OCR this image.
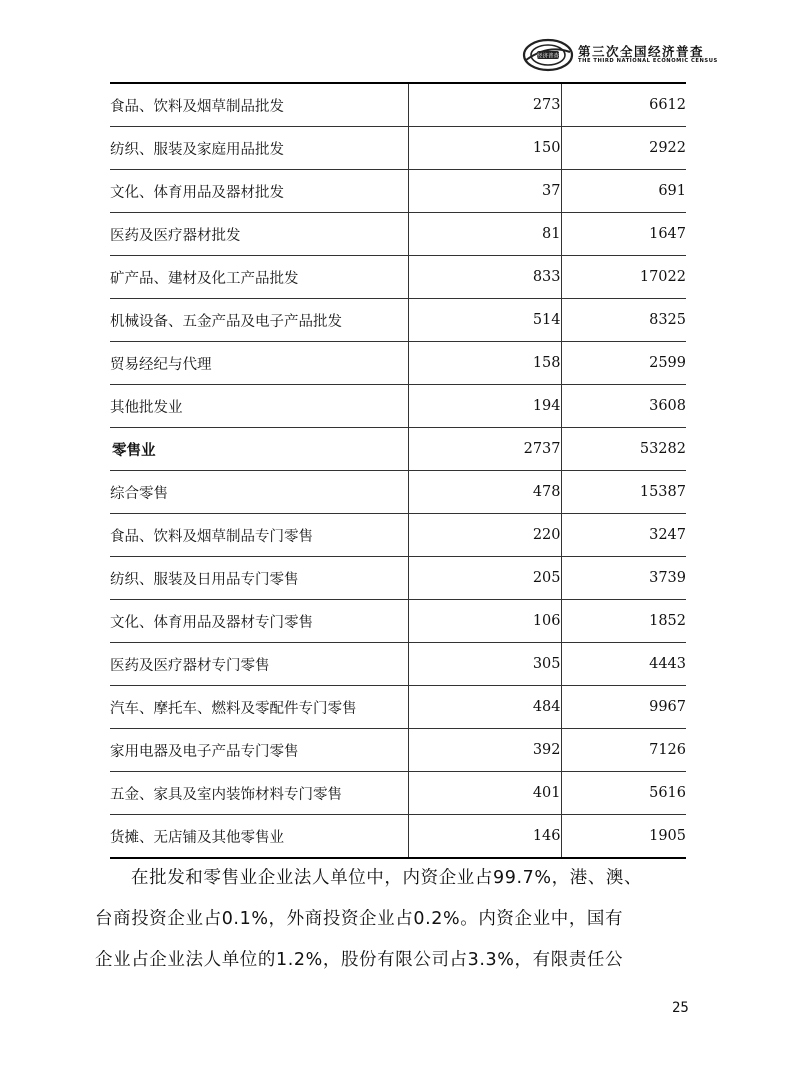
经济普查 第三次全国经济普查
THE THIRD NATIONAL ECONOMIC CENSUS
食品、饮料及烟草制品批发	273	6612
纺织、服装及家庭用品批发	150	2922
文化、体育用品及器材批发	37	691
医药及医疗器材批发	81	1647
矿产品、建材及化工产品批发	833	17022
机械设备、五金产品及电子产品批发	514	8325
贸易经纪与代理	158	2599
其他批发业	194	3608
零售业	2737	53282
综合零售	478	15387
食品、饮料及烟草制品专门零售	220	3247
纺织、服装及日用品专门零售	205	3739
文化、体育用品及器材专门零售	106	1852
医药及医疗器材专门零售	305	4443
汽车、摩托车、燃料及零配件专门零售	484	9967
家用电器及电子产品专门零售	392	7126
五金、家具及室内装饰材料专门零售	401	5616
货摊、无店铺及其他零售业	146	1905
在批发和零售业企业法人单位中，内资企业占99.7%，港、澳、
台商投资企业占0.1%，外商投资企业占0.2%。内资企业中，国有
企业占企业法人单位的1.2%，股份有限公司占3.3%，有限责任公
25
